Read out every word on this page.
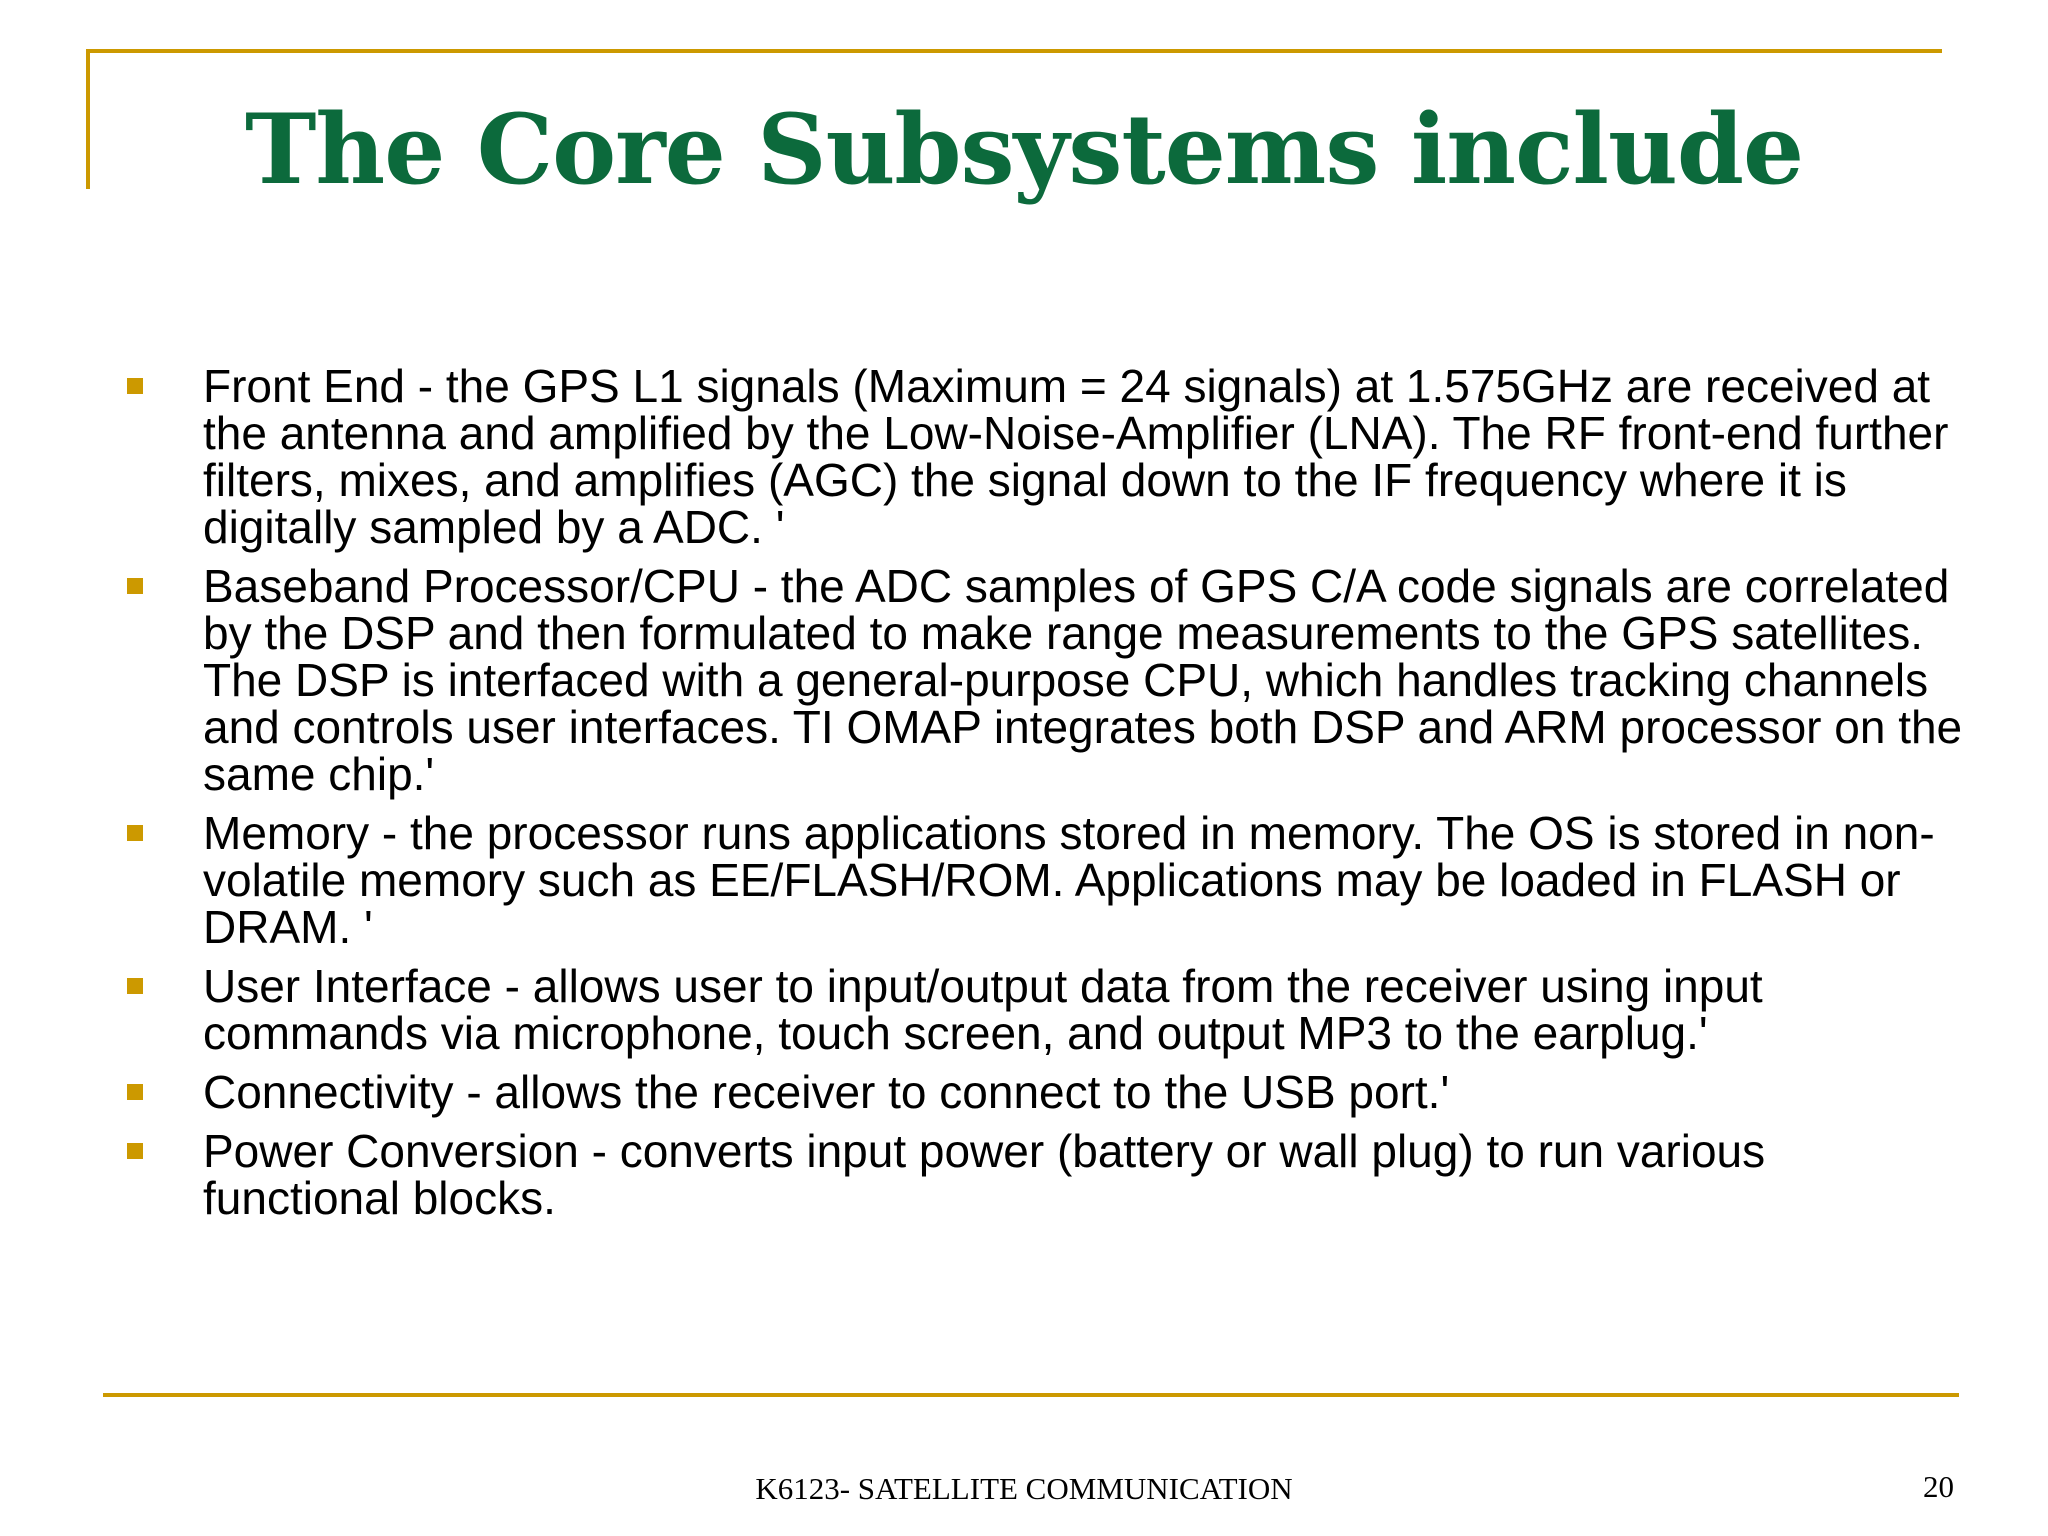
The Core Subsystems include
Front End - the GPS L1 signals (Maximum = 24 signals) at 1.575GHz are received at the antenna and amplified by the Low-Noise-Amplifier (LNA). The RF front-end further filters, mixes, and amplifies (AGC) the signal down to the IF frequency where it is digitally sampled by a ADC. '
Baseband Processor/CPU - the ADC samples of GPS C/A code signals are correlated by the DSP and then formulated to make range measurements to the GPS satellites. The DSP is interfaced with a general-purpose CPU, which handles tracking channels and controls user interfaces. TI OMAP integrates both DSP and ARM processor on the same chip.'
Memory - the processor runs applications stored in memory. The OS is stored in non-volatile memory such as EE/FLASH/ROM. Applications may be loaded in FLASH or DRAM. '
User Interface - allows user to input/output data from the receiver using input commands via microphone, touch screen, and output MP3 to the earplug.'
Connectivity - allows the receiver to connect to the USB port.'
Power Conversion - converts input power (battery or wall plug) to run various functional blocks.
K6123- SATELLITE COMMUNICATION	20
